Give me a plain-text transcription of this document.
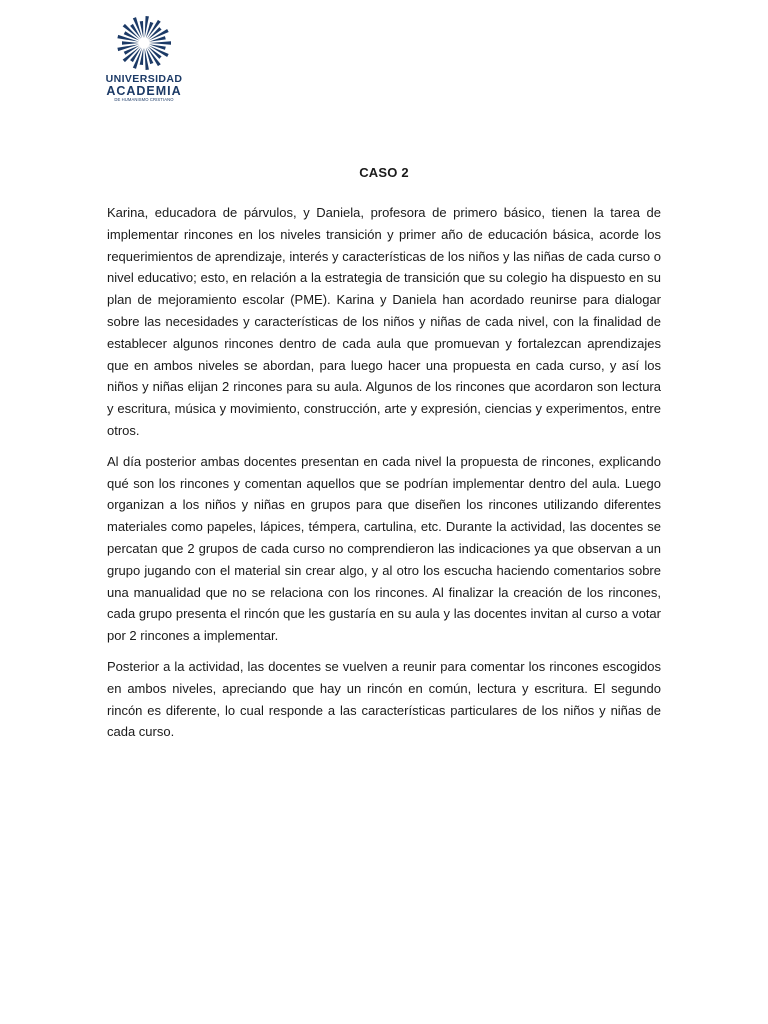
UNIVERSIDAD
ACADEMIA
DE HUMANISMO CRISTIANO
CASO 2

Karina, educadora de párvulos, y Daniela, profesora de primero básico, tienen la tarea de implementar rincones en los niveles transición y primer año de educación básica, acorde los requerimientos de aprendizaje, interés y características de los niños y las niñas de cada curso o nivel educativo; esto, en relación a la estrategia de transición que su colegio ha dispuesto en su plan de mejoramiento escolar (PME). Karina y Daniela han acordado reunirse para dialogar sobre las necesidades y características de los niños y niñas de cada nivel, con la finalidad de establecer algunos rincones dentro de cada aula que promuevan y fortalezcan aprendizajes que en ambos niveles se abordan, para luego hacer una propuesta en cada curso, y así los niños y niñas elijan 2 rincones para su aula. Algunos de los rincones que acordaron son lectura y escritura, música y movimiento, construcción, arte y expresión, ciencias y experimentos, entre otros.

Al día posterior ambas docentes presentan en cada nivel la propuesta de rincones, explicando qué son los rincones y comentan aquellos que se podrían implementar dentro del aula. Luego organizan a los niños y niñas en grupos para que diseñen los rincones utilizando diferentes materiales como papeles, lápices, témpera, cartulina, etc. Durante la actividad, las docentes se percatan que 2 grupos de cada curso no comprendieron las indicaciones ya que observan a un grupo jugando con el material sin crear algo, y al otro los escucha haciendo comentarios sobre una manualidad que no se relaciona con los rincones. Al finalizar la creación de los rincones, cada grupo presenta el rincón que les gustaría en su aula y las docentes invitan al curso a votar por 2 rincones a implementar.

Posterior a la actividad, las docentes se vuelven a reunir para comentar los rincones escogidos en ambos niveles, apreciando que hay un rincón en común, lectura y escritura. El segundo rincón es diferente, lo cual responde a las características particulares de los niños y niñas de cada curso.
